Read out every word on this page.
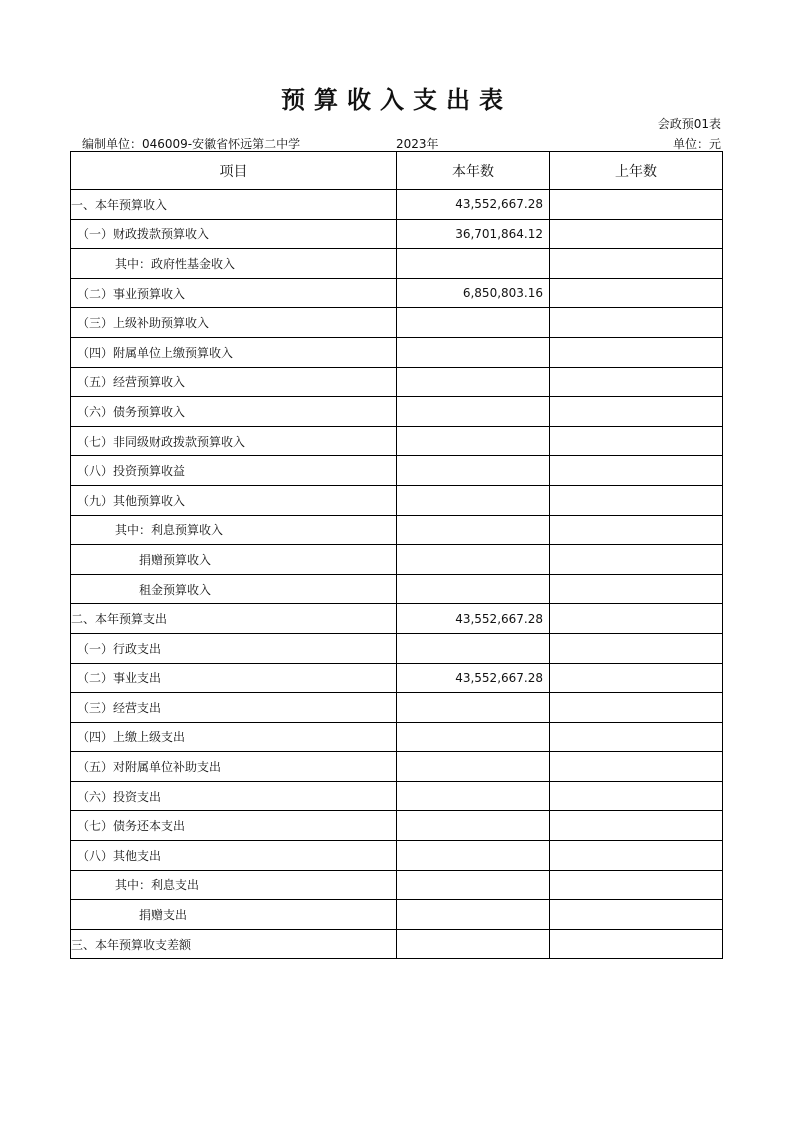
预算收入支出表
会政预01表
编制单位：046009-安徽省怀远第二中学	2023年	单位：元
项目	本年数	上年数
一、本年预算收入	43,552,667.28	
（一）财政拨款预算收入	36,701,864.12	
其中：政府性基金收入		
（二）事业预算收入	6,850,803.16	
（三）上级补助预算收入		
（四）附属单位上缴预算收入		
（五）经营预算收入		
（六）债务预算收入		
（七）非同级财政拨款预算收入		
（八）投资预算收益		
（九）其他预算收入		
其中：利息预算收入		
捐赠预算收入		
租金预算收入		
二、本年预算支出	43,552,667.28	
（一）行政支出		
（二）事业支出	43,552,667.28	
（三）经营支出		
（四）上缴上级支出		
（五）对附属单位补助支出		
（六）投资支出		
（七）债务还本支出		
（八）其他支出		
其中：利息支出		
捐赠支出		
三、本年预算收支差额		
